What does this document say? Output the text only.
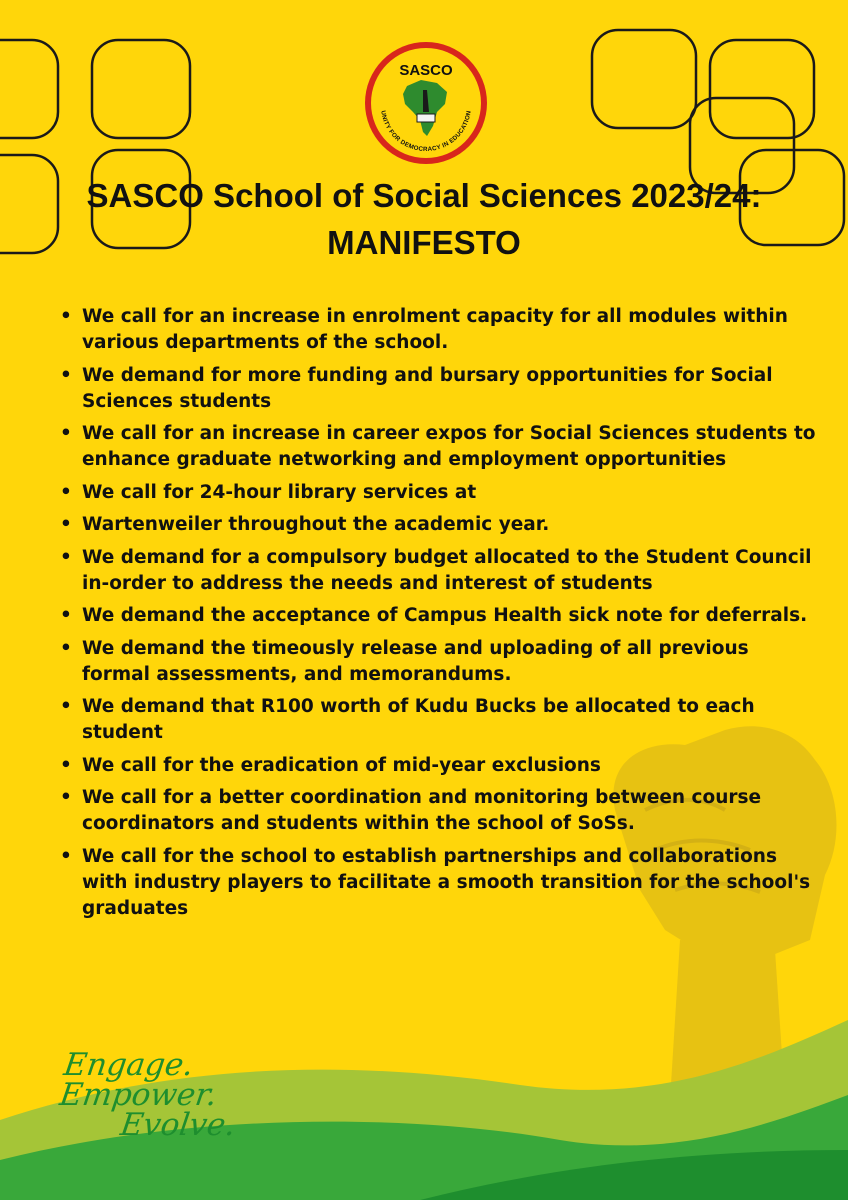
SASCO
UNITY FOR DEMOCRACY IN EDUCATION
SASCO School of Social Sciences 2023/24:
MANIFESTO
• We call for an increase in enrolment capacity for all modules within various departments of the school.
• We demand for more funding and bursary opportunities for Social Sciences students
• We call for an increase in career expos for Social Sciences students to enhance graduate networking and employment opportunities
• We call for 24-hour library services at
• Wartenweiler throughout the academic year.
• We demand for a compulsory budget allocated to the Student Council in-order to address the needs and interest of students
• We demand the acceptance of Campus Health sick note for deferrals.
• We demand the timeously release and uploading of all previous formal assessments, and memorandums.
• We demand that R100 worth of Kudu Bucks be allocated to each student
• We call for the eradication of mid-year exclusions
• We call for a better coordination and monitoring between course coordinators and students within the school of SoSs.
• We call for the school to establish partnerships and collaborations with industry players to facilitate a smooth transition for the school's graduates
Engage. Empower.
Evolve.
